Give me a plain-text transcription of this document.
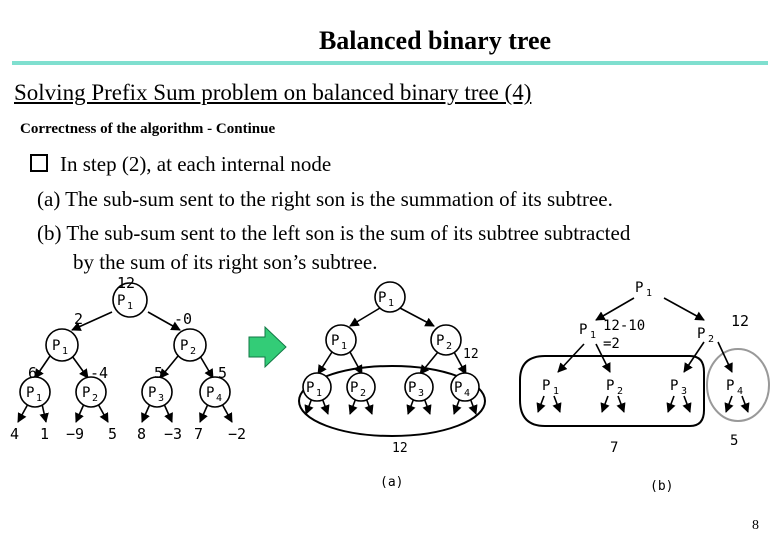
Balanced binary tree
Solving Prefix Sum problem on balanced binary tree (4)
Correctness of the algorithm - Continue
In step (2), at each internal node
(a) The sub-sum sent to the right son is the summation of its subtree.
(b) The sub-sum sent to the left son is the sum of its subtree subtracted
by the sum of its right son’s subtree.
P 1
12
2	-0
6	-4	5	5
P 1	P 2
P 1	P 2	P 3	P 4
4 1 −9 5 8 −3 7 −2
P 1
P 1	P 2
12
P 1 P 2	P 3 P 4
12
(a)
P 1
P 1
12-10
=2
P 2
12
P 1	P 2	P 3	P 4
7	5
(b)
8
